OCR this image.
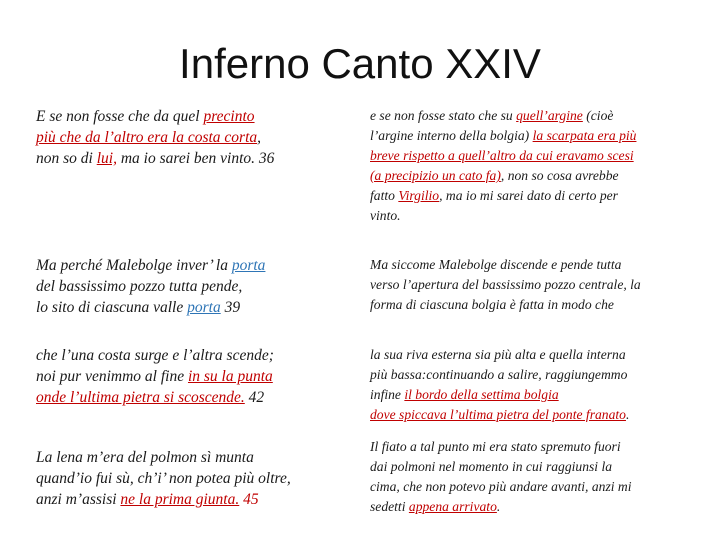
Inferno Canto XXIV
E se non fosse che da quel precinto
più che da l’altro era la costa corta,
non so di lui, ma io sarei ben vinto. 36
e se non fosse stato che su quell’argine (cioè
l’argine interno della bolgia) la scarpata era più
breve rispetto a quell’altro da cui eravamo scesi
(a precipizio un cato fa), non so cosa avrebbe
fatto Virgilio, ma io mi sarei dato di certo per
vinto.
Ma perché Malebolge inver’ la porta
del bassissimo pozzo tutta pende,
lo sito di ciascuna valle porta 39
Ma siccome Malebolge discende e pende tutta
verso l’apertura del bassissimo pozzo centrale, la
forma di ciascuna bolgia è fatta in modo che
che l’una costa surge e l’altra scende;
noi pur venimmo al fine in su la punta
onde l’ultima pietra si scoscende. 42
la sua riva esterna sia più alta e quella interna
più bassa:continuando a salire, raggiungemmo
infine il bordo della settima bolgia
dove spiccava l’ultima pietra del ponte franato.
La lena m’era del polmon sì munta
quand’io fui sù, ch’i’ non potea più oltre,
anzi m’assisi ne la prima giunta. 45
Il fiato a tal punto mi era stato spremuto fuori
dai polmoni nel momento in cui raggiunsi la
cima, che non potevo più andare avanti, anzi mi
sedetti appena arrivato.
